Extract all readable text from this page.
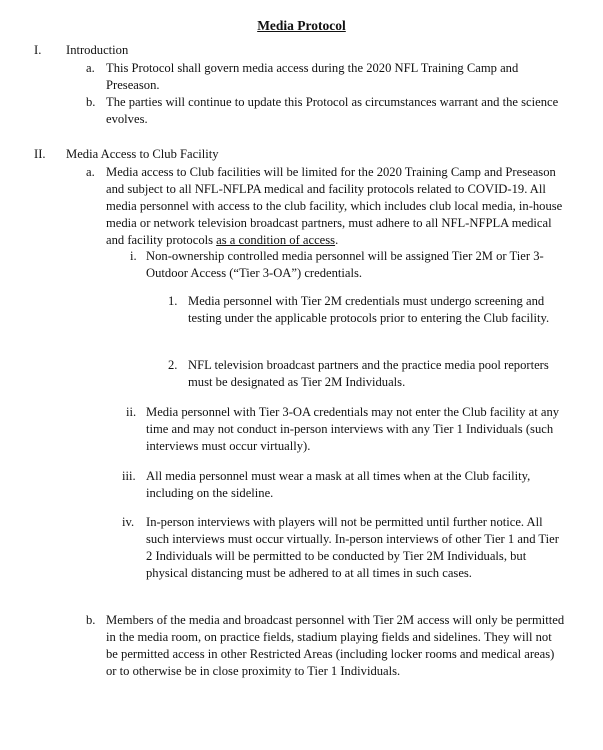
Media Protocol
I. Introduction
a. This Protocol shall govern media access during the 2020 NFL Training Camp and Preseason.
b. The parties will continue to update this Protocol as circumstances warrant and the science evolves.
II. Media Access to Club Facility
a. Media access to Club facilities will be limited for the 2020 Training Camp and Preseason and subject to all NFL-NFLPA medical and facility protocols related to COVID-19. All media personnel with access to the club facility, which includes club local media, in-house media or network television broadcast partners, must adhere to all NFL-NFPLA medical and facility protocols as a condition of access.
i. Non-ownership controlled media personnel will be assigned Tier 2M or Tier 3-Outdoor Access (“Tier 3-OA”) credentials.
1. Media personnel with Tier 2M credentials must undergo screening and testing under the applicable protocols prior to entering the Club facility.
2. NFL television broadcast partners and the practice media pool reporters must be designated as Tier 2M Individuals.
ii. Media personnel with Tier 3-OA credentials may not enter the Club facility at any time and may not conduct in-person interviews with any Tier 1 Individuals (such interviews must occur virtually).
iii. All media personnel must wear a mask at all times when at the Club facility, including on the sideline.
iv. In-person interviews with players will not be permitted until further notice. All such interviews must occur virtually. In-person interviews of other Tier 1 and Tier 2 Individuals will be permitted to be conducted by Tier 2M Individuals, but physical distancing must be adhered to at all times in such cases.
b. Members of the media and broadcast personnel with Tier 2M access will only be permitted in the media room, on practice fields, stadium playing fields and sidelines. They will not be permitted access in other Restricted Areas (including locker rooms and medical areas) or to otherwise be in close proximity to Tier 1 Individuals.
